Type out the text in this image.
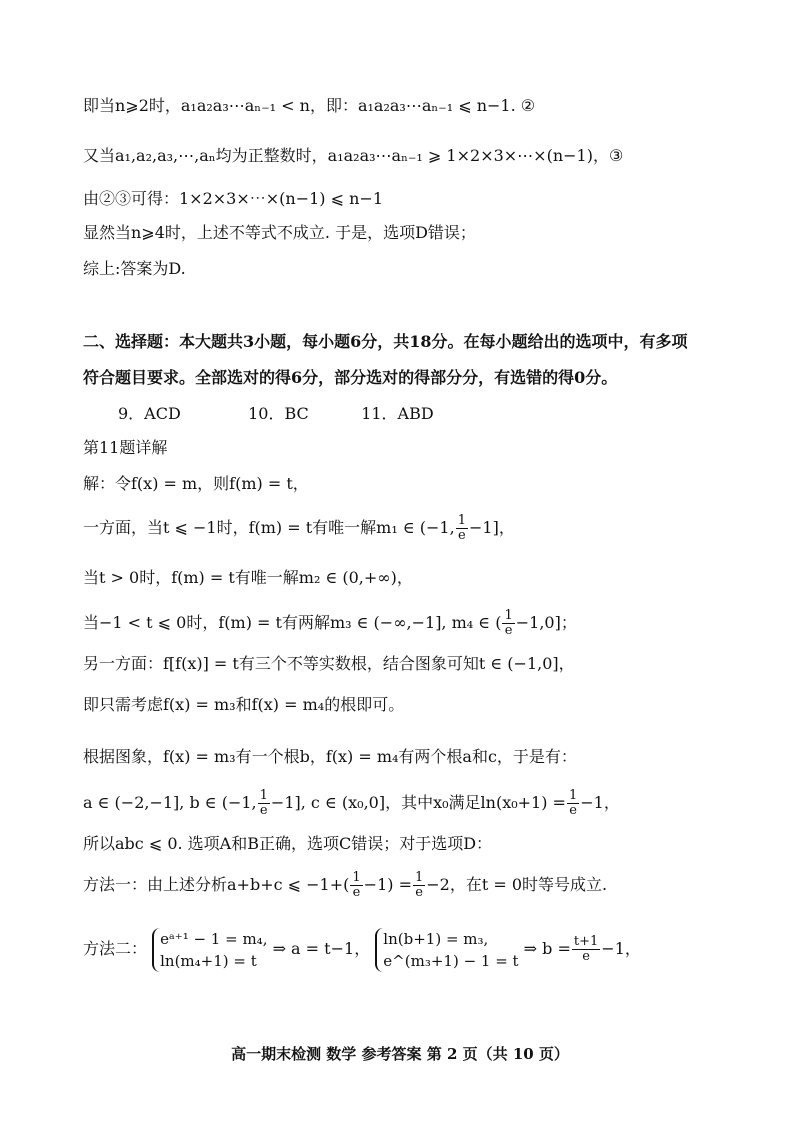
即当n⩾2时，a₁a₂a₃⋯aₙ₋₁ < n，即：a₁a₂a₃⋯aₙ₋₁ ⩽ n−1. ②
又当a₁,a₂,a₃,⋯,aₙ均为正整数时，a₁a₂a₃⋯aₙ₋₁ ⩾ 1×2×3×⋯×(n−1)，③
由②③可得：1×2×3×⋯×(n−1) ⩽ n−1
显然当n⩾4时，上述不等式不成立. 于是，选项D错误；
综上:答案为D.
二、选择题：本大题共3小题，每小题6分，共18分。在每小题给出的选项中，有多项
符合题目要求。全部选对的得6分，部分选对的得部分分，有选错的得0分。
9．ACD	10．BC	11．ABD
第11题详解
解：令f(x) = m，则f(m) = t，
一方面，当t ⩽ −1时，f(m) = t有唯一解m₁ ∈ (−1, $\frac{1}{e} -1$]，
当t > 0时，f(m) = t有唯一解m₂ ∈ (0,+∞)，
当−1 < t ⩽ 0时，f(m) = t有两解m₃ ∈ (−∞,−1], m₄ ∈ ( $\frac{1}{e} -1,0$]；
另一方面：f[f(x)] = t有三个不等实数根，结合图象可知t ∈ (−1,0]，
即只需考虑f(x) = m₃和f(x) = m₄的根即可。
根据图象，f(x) = m₃有一个根b，f(x) = m₄有两个根a和c，于是有：
a ∈ (−2,−1], b ∈ (−1, $\frac{1}{e} -1$], c ∈ (x₀,0]，其中x₀满足$\ln(x_0+1) = \frac{1}{e} -1$，
所以abc ⩽ 0. 选项A和B正确，选项C错误；对于选项D：
方法一：由上述分析a+b+c ⩽ $-1+( \frac{1}{e} -1) = \frac{1}{e} -2$，在t = 0时等号成立.
方法二：
eᵃ⁺¹ − 1 = m₄,
ln(m₄+1) = t
⇒ a = t−1，
ln(b+1) = m₃,
e^(m₃+1) − 1 = t
⇒ $b = \frac{t+1}{e} -1$，
高一期末检测 数学 参考答案 第 2 页（共 10 页）
